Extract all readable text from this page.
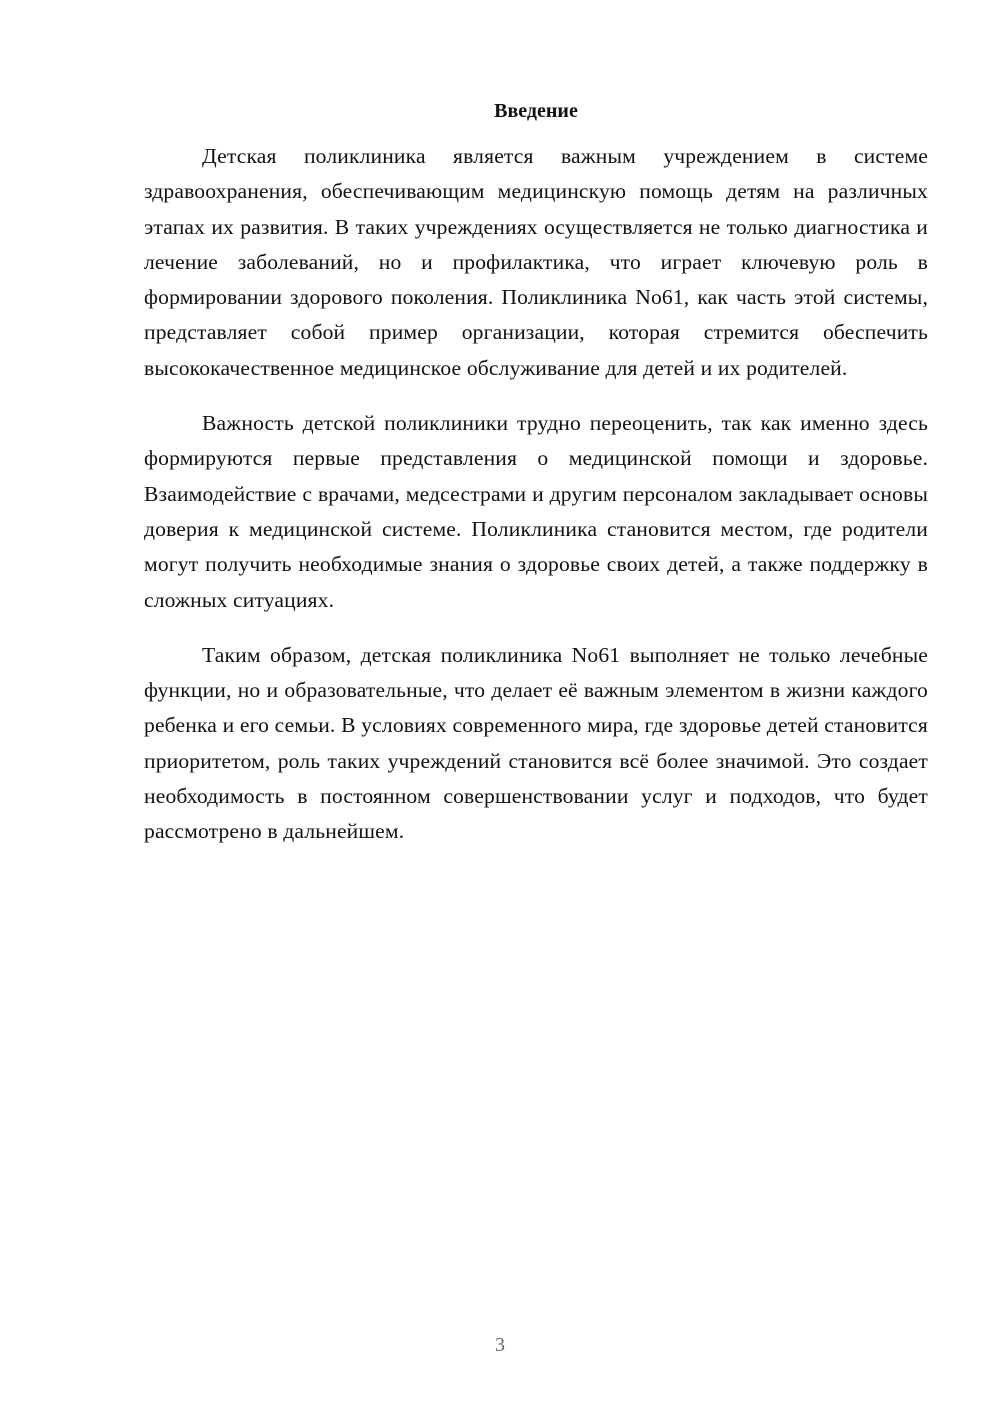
Введение

Детская поликлиника является важным учреждением в системе здравоохранения, обеспечивающим медицинскую помощь детям на различных этапах их развития. В таких учреждениях осуществляется не только диагностика и лечение заболеваний, но и профилактика, что играет ключевую роль в формировании здорового поколения. Поликлиника No61, как часть этой системы, представляет собой пример организации, которая стремится обеспечить высококачественное медицинское обслуживание для детей и их родителей.

Важность детской поликлиники трудно переоценить, так как именно здесь формируются первые представления о медицинской помощи и здоровье. Взаимодействие с врачами, медсестрами и другим персоналом закладывает основы доверия к медицинской системе. Поликлиника становится местом, где родители могут получить необходимые знания о здоровье своих детей, а также поддержку в сложных ситуациях.

Таким образом, детская поликлиника No61 выполняет не только лечебные функции, но и образовательные, что делает её важным элементом в жизни каждого ребенка и его семьи. В условиях современного мира, где здоровье детей становится приоритетом, роль таких учреждений становится всё более значимой. Это создает необходимость в постоянном совершенствовании услуг и подходов, что будет рассмотрено в дальнейшем.

3
